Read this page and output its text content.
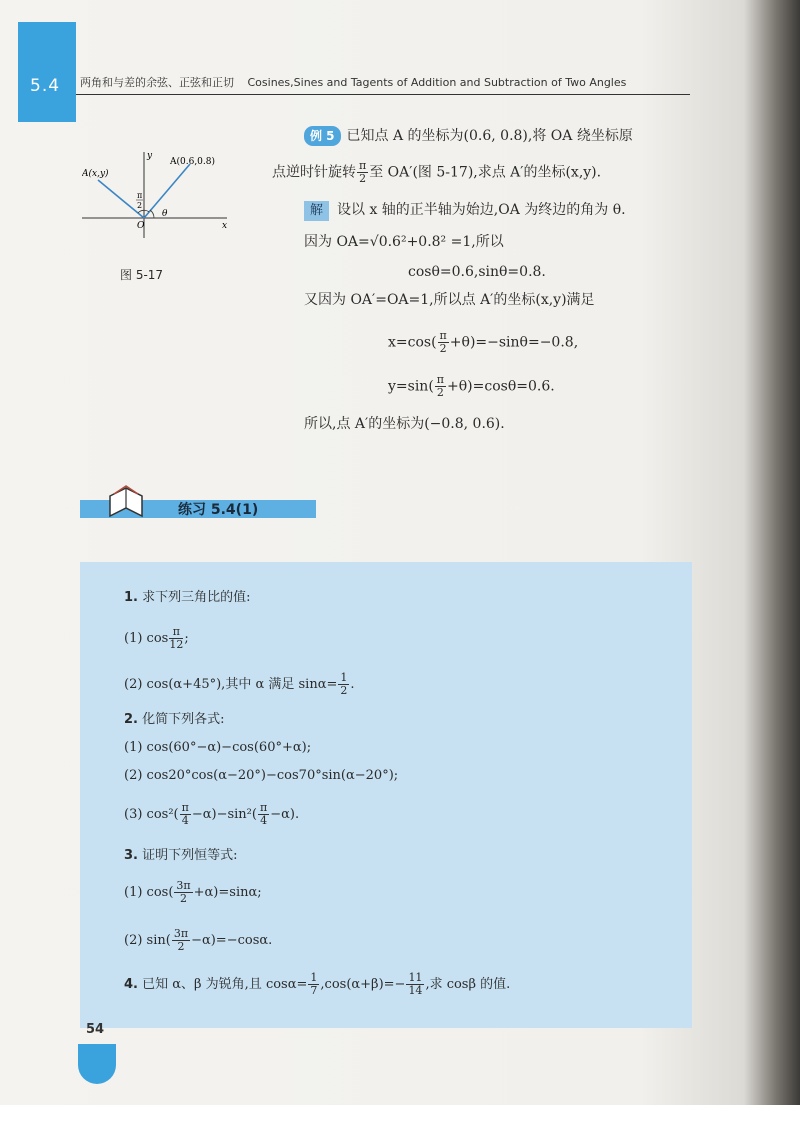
5.4 两角和与差的余弦、正弦和正切 Cosines,Sines and Tagents of Addition and Subtraction of Two Angles
A(0.6,0.8)
A(x,y)
y
x
O
θ
π
2
图 5-17
例 5 已知点 A 的坐标为(0.6, 0.8),将 OA 绕坐标原
点逆时针旋转 $\frac{\pi}{2}$ 至 OA′(图 5-17),求点 A′的坐标(x,y).
解 设以 x 轴的正半轴为始边,OA 为终边的角为 θ.
因为 OA=√0.6²+0.8² =1,所以
cosθ=0.6,sinθ=0.8.
又因为 OA′=OA=1,所以点 A′的坐标(x,y)满足
$x=\cos( \frac{\pi}{2} +\theta)=-\sin\theta=-0.8$,
$y=\sin( \frac{\pi}{2} +\theta)=\cos\theta=0.6$.
所以,点 A′的坐标为(−0.8, 0.6).
练习 5.4(1)
1. 求下列三角比的值:
(1) $\cos \frac{\pi}{12}$ ;
(2) cos(α+45°),其中 α 满足 $\sin\alpha= \frac{1}{2}$ .
2. 化简下列各式:
(1) cos(60°−α)−cos(60°+α);
(2) cos20°cos(α−20°)−cos70°sin(α−20°);
(3) $\cos^2( \frac{\pi}{4} -\alpha)-\sin^2( \frac{\pi}{4} -\alpha)$.
3. 证明下列恒等式:
(1) $\cos( \frac{3\pi}{2} +\alpha)=\sin\alpha$;
(2) $\sin( \frac{3\pi}{2} -\alpha)=-\cos\alpha$.
4. 已知 α、β 为锐角,且 $\cos\alpha= \frac{1}{7} ,\cos(\alpha+\beta)=- \frac{11}{14}$ ,求 cosβ 的值.
54
